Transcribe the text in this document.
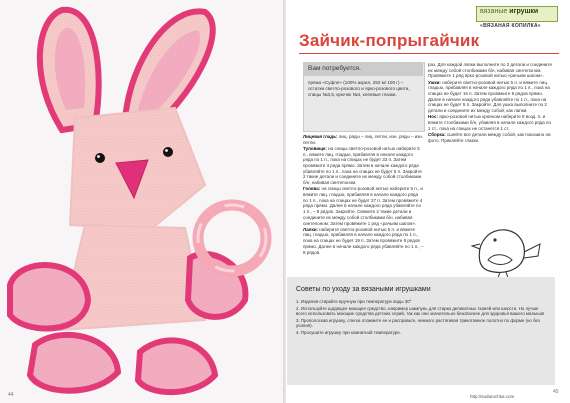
44
вязаные игрушки
«ВЯЗАНАЯ КОПИЛКА»
Зайчик-попрыгайчик
Вам потребуется.
пряжа «Суфле» (100% акрил, 292 м/ 100 г) – остатки светло-розового и ярко-розового цвета, спицы №3,5, крючок №4, клеевые глазки.

Лицевая гладь: лиц. ряды – лиц. петли, изн. ряды – изн. петли.

Туловище: на спицы светло-розовой нитью наберите 5 п., вяжите лиц. гладью, прибавляя в начале каждого ряда по 1 п., пока на спицах не будет 33 п. Затем провяжите 4 ряда прямо. Затем в начале каждого ряда убавляйте по 1 п., пока на спицах не будет 5 п. Закройте 2 такие детали и соедините их между собой столбиками б/н, набивая синтепоном.

Голова: на спицы светло-розовой нитью наберите 5 п., и вяжите лиц. гладью, прибавляя в начале каждого ряда по 1 п., пока на спицах не будет 27 п. Затем провяжите 4 ряда прямо. Далее в начале каждого ряда убавляйте по 1 п., – 8 рядов. Закройте. Свяжите 2 такие детали и соедините их между собой столбиками б/н, набивая синтепоном. Затем провяжите 1 ряд «рачьим шагом».

Лапки: наберите светло-розовой нитью 5 п. и вяжите лиц. гладью, прибавляя в начале каждого ряда по 1 п., пока на спицах не будет 19 п. Затем провяжите 8 рядов прямо. Далее в начале каждого ряда убавляйте по 1 п., – 8 рядов.

раз. Для каждой лапки выполните по 2 детали и соедините их между собой столбиками б/н, набивая синтепоном. Провяжите 1 ряд ярко-розовой нитью «рачьим шагом».

Ушки: наберите светло-розовой нитью 5 п. и вяжите лиц. гладью, прибавляя в начале каждого ряда по 1 п., пока на спицах не будет 15 п. Затем провяжите 8 рядов прямо. Далее в начале каждого ряда убавляйте по 1 п., пока на спицах не будет 5 п. Закройте. Для ушка выполните по 2 детали и соедините их между собой, как лапки.

Нос: ярко-розовой нитью крючком наберите 8 возд. п. и вяжите столбиками б/н, убавляя в начале каждого ряда по 1 ст., пока на спицах не останется 1 ст.

Сборка: сшейте все детали между собой, как показано на фото. Приклейте глазки.

Советы по уходу за вязаными игрушками

1. Изделия стирайте вручную при температуре воды 30°

2. Используйте щадящее моющее средство, например шампунь для стирки деликатных тканей или шерсти. Но лучше всего использовать моющие средства детских серий, так как они значительно безопаснее для здоровья вашего малыша!

3. Прополоскав игрушку, слегка отожмите ее и расправьте, немного растягивая трикотажное полотно по форме (но без усилия).

4. Просушите игрушку при комнатной температуре.

45
http://sudaruchka.com
